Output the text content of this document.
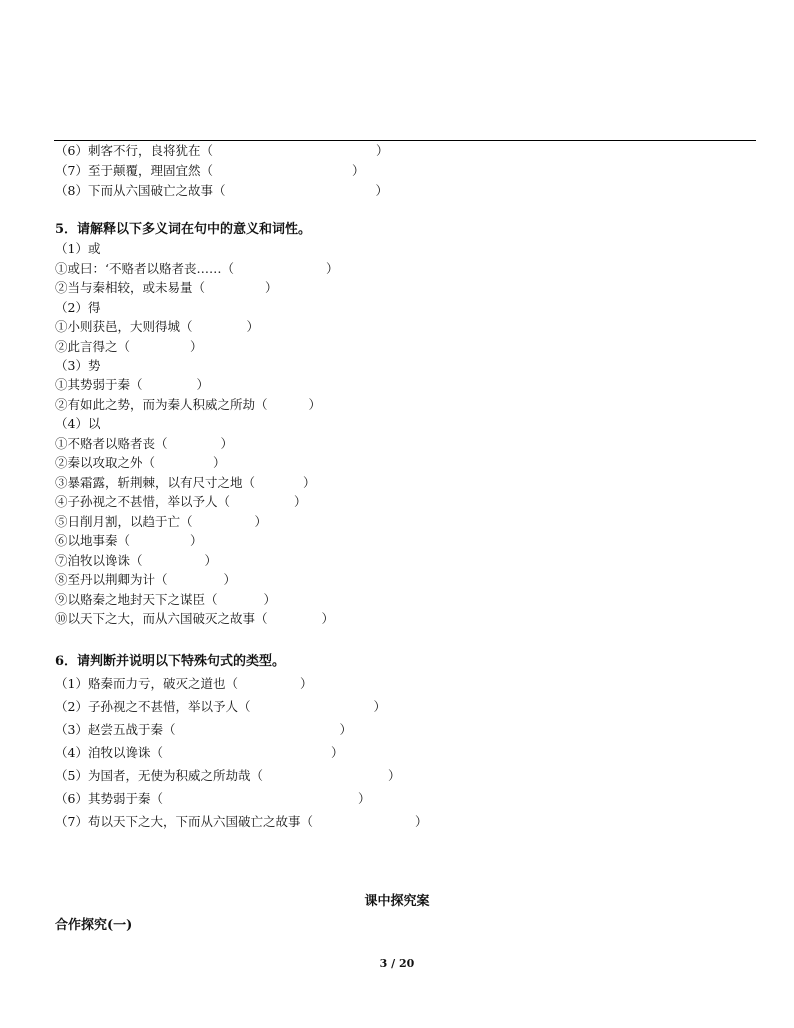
（6）刺客不行，良将犹在（	）
（7）至于颠覆，理固宜然（	）
（8）下而从六国破亡之故事（	）
5．请解释以下多义词在句中的意义和词性。
（1）或
①或曰：‘不赂者以赂者丧……（	）
②当与秦相较，或未易量（	）
（2）得
①小则获邑，大则得城（	）
②此言得之（	）
（3）势
①其势弱于秦（	）
②有如此之势，而为秦人积威之所劫（	）
（4）以
①不赂者以赂者丧（	）
②秦以攻取之外（	）
③暴霜露，斩荆棘，以有尺寸之地（	）
④子孙视之不甚惜，举以予人（	）
⑤日削月割，以趋于亡（	）
⑥以地事秦（	）
⑦洎牧以谗诛（	）
⑧至丹以荆卿为计（	）
⑨以赂秦之地封天下之谋臣（	）
⑩以天下之大，而从六国破灭之故事（	）
6．请判断并说明以下特殊句式的类型。
（1）赂秦而力亏，破灭之道也（	）
（2）子孙视之不甚惜，举以予人（	）
（3）赵尝五战于秦（	）
（4）洎牧以谗诛（	）
（5）为国者，无使为积威之所劫哉（	）
（6）其势弱于秦（	）
（7）苟以天下之大，下而从六国破亡之故事（	）
课中探究案
合作探究(一)
3 / 20
